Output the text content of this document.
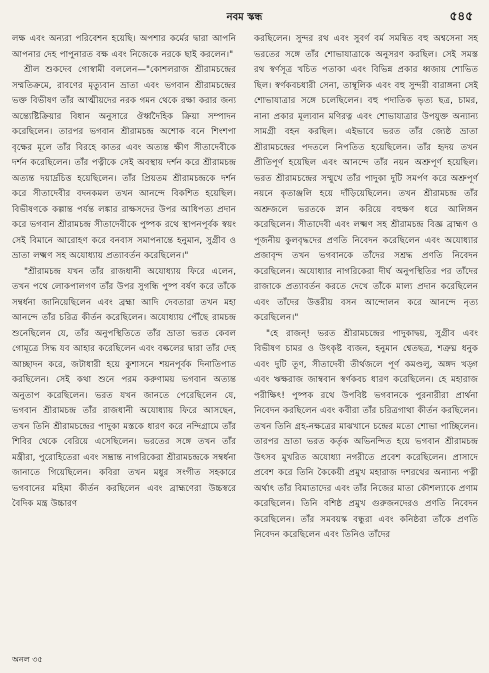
নবম স্কন্ধ	৫৪৫

লক্ষ এবং অন্যরা পরিবেশন হয়েছি। অপশার কর্মের দ্বারা আপনি আপনার দেহ পাপুনারত বক্ষ এবং নিজেকে নরকে ছাই করলেন।"

শ্রীল শুকদেব গোস্বামী বললেন—"কোশলরাজ শ্রীরামচন্দ্রের সম্মতিক্রমে, রাবণের মৃত্যুবান ভ্রাতা এবং ভগবান শ্রীরামচন্দ্রের ভক্ত বিভীষণ তাঁর আত্মীয়দের নরক গমন থেকে রক্ষা করার জন্য অন্ত্যেষ্টিক্রিয়ার বিধান অনুসারে ঔর্ধ্বদৈহিক ক্রিয়া সম্পাদন করেছিলেন। তারপর ভগবান শ্রীরামচন্দ্র অশোক বনে শিংশপা বৃক্ষের মূলে তাঁর বিরহে কাতর এবং অত্যন্ত ক্ষীণ সীতাদেবীকে দর্শন করেছিলেন। তাঁর পত্নীকে সেই অবস্থায় দর্শন করে শ্রীরামচন্দ্র অত্যন্ত দয়ার্দ্রচিত্ত হয়েছিলেন। তাঁর প্রিয়তম শ্রীরামচন্দ্রকে দর্শন করে সীতাদেবীর বদনকমল তখন আনন্দে বিকশিত হয়েছিল। বিভীষণকে কল্পান্ত পর্যন্ত লঙ্কার রাক্ষসদের উপর আধিপত্য প্রদান করে ভগবান শ্রীরামচন্দ্র সীতাদেবীকে পুষ্পক রথে স্থাপনপূর্বক স্বয়ং সেই বিমানে আরোহণ করে বনবাস সমাপনান্তে হনুমান, সুগ্রীব ও ভ্রাতা লক্ষ্মণ সহ অযোধ্যায় প্রত্যাবর্তন করেছিলেন।"

"শ্রীরামচন্দ্র যখন তাঁর রাজধানী অযোধ্যায় ফিরে এলেন, তখন পথে লোকপালগণ তাঁর উপর সুগন্ধি পুষ্প বর্ষণ করে তাঁকে সম্বর্ধনা জানিয়েছিলেন এবং ব্রহ্মা আদি দেবতারা তখন মহা আনন্দে তাঁর চরিত্র কীর্তন করেছিলেন। অযোধ্যায় পৌঁছে রামচন্দ্র শুনেছিলেন যে, তাঁর অনুপস্থিতিতে তাঁর ভ্রাতা ভরত কেবল গোমূত্রে সিদ্ধ যব আহার করেছিলেন এবং বল্কলের দ্বারা তাঁর দেহ আচ্ছাদন করে, জটাধারী হয়ে কুশাসনে শয়নপূর্বক দিনাতিপাত করছিলেন। সেই কথা শুনে পরম করুণাময় ভগবান অত্যন্ত অনুতাপ করেছিলেন। ভরত যখন জানতে পেরেছিলেন যে, ভগবান শ্রীরামচন্দ্র তাঁর রাজধানী অযোধ্যায় ফিরে আসছেন, তখন তিনি শ্রীরামচন্দ্রের পাদুকা মস্তকে ধারণ করে নন্দিগ্রামে তাঁর শিবির থেকে বেরিয়ে এসেছিলেন। ভরতের সঙ্গে তখন তাঁর মন্ত্রীরা, পুরোহিতেরা এবং সম্ভ্রান্ত নাগরিকেরা শ্রীরামচন্দ্রকে সম্বর্ধনা জানাতে গিয়েছিলেন। কবিরা তখন মধুর সংগীত সহকারে ভগবানের মহিমা কীর্তন করছিলেন এবং ব্রাহ্মণেরা উচ্চস্বরে বৈদিক মন্ত্র উচ্চারণ

করছিলেন। সুন্দর রথ এবং সুবর্ণ বর্ম সমন্বিত বহু অশ্বসেনা সহ ভরতের সঙ্গে তাঁর শোভাযাত্রাকে অনুসরণ করছিল। সেই সমস্ত রথ স্বর্ণসূত্র খচিত পতাকা এবং বিভিন্ন প্রকার ধ্বজায় শোভিত ছিল। স্বর্ণকবচধারী সেনা, তাম্বূলিক এবং বহু সুন্দরী বারাঙ্গনা সেই শোভাযাত্রার সঙ্গে চলেছিলেন। বহু পদাতিক ভৃত্য ছত্র, চামর, নানা প্রকার মূল্যবান মণিরত্ন এবং শোভাযাত্রার উপযুক্ত অন্যান্য সামগ্রী বহন করছিল। এইভাবে ভরত তাঁর জ্যেষ্ঠ ভ্রাতা শ্রীরামচন্দ্রের পদতলে নিপতিত হয়েছিলেন। তাঁর হৃদয় তখন প্রীতিপূর্ণ হয়েছিল এবং আনন্দে তাঁর নয়ন অশ্রুপূর্ণ হয়েছিল। ভরত শ্রীরামচন্দ্রের সম্মুখে তাঁর পাদুকা দুটি সমর্পণ করে অশ্রুপূর্ণ নয়নে কৃতাঞ্জলি হয়ে দাঁড়িয়েছিলেন। তখন শ্রীরামচন্দ্র তাঁর অশ্রুজলে ভরতকে স্নান করিয়ে বহুক্ষণ ধরে আলিঙ্গন করেছিলেন। সীতাদেবী এবং লক্ষ্মণ সহ শ্রীরামচন্দ্র বিজ্ঞ ব্রাহ্মণ ও পূজনীয় কুলবৃদ্ধদের প্রণতি নিবেদন করেছিলেন এবং অযোধ্যার প্রজাবৃন্দ তখন ভগবানকে তাঁদের সশ্রদ্ধ প্রণতি নিবেদন করেছিলেন। অযোধ্যার নাগরিকেরা দীর্ঘ অনুপস্থিতির পর তাঁদের রাজাকে প্রত্যাবর্তন করতে দেখে তাঁকে মাল্য প্রদান করেছিলেন এবং তাঁদের উত্তরীয় বসন আন্দোলন করে আনন্দে নৃত্য করেছিলেন।"

"হে রাজন্! ভরত শ্রীরামচন্দ্রের পাদুকাদ্বয়, সুগ্রীব এবং বিভীষণ চামর ও উৎকৃষ্ট ব্যজন, হনুমান শ্বেতছত্র, শত্রুঘ্ন ধনুক এবং দুটি তূণ, সীতাদেবী তীর্থজলে পূর্ণ কমণ্ডলু, অঙ্গদ খড়্গ এবং ঋক্ষরাজ জাম্ববান স্বর্ণকবচ ধারণ করেছিলেন। হে মহারাজ পরীক্ষিৎ! পুষ্পক রথে উপবিষ্ট ভগবানকে পুরনারীরা প্রার্থনা নিবেদন করছিলেন এবং কবীরা তাঁর চরিত্রগাথা কীর্তন করছিলেন। তখন তিনি গ্রহ-নক্ষত্রের মাঝখানে চন্দ্রের মতো শোভা পাচ্ছিলেন। তারপর ভ্রাতা ভরত কর্তৃক অভিনন্দিত হয়ে ভগবান শ্রীরামচন্দ্র উৎসব মুখরিত অযোধ্যা নগরীতে প্রবেশ করেছিলেন। প্রাসাদে প্রবেশ করে তিনি কৈকেয়ী প্রমুখ মহারাজ দশরথের অন্যান্য পত্নী অর্থাৎ তাঁর বিমাতাদের এবং তাঁর নিজের মাতা কৌশল্যাকে প্রণাম করেছিলেন। তিনি বশিষ্ঠ প্রমুখ গুরুজনদেরও প্রণতি নিবেদন করেছিলেন। তাঁর সমবয়স্ক বন্ধুরা এবং কনিষ্ঠরা তাঁকে প্রণতি নিবেদন করেছিলেন এবং তিনিও তাঁদের

অনল ৩৫
